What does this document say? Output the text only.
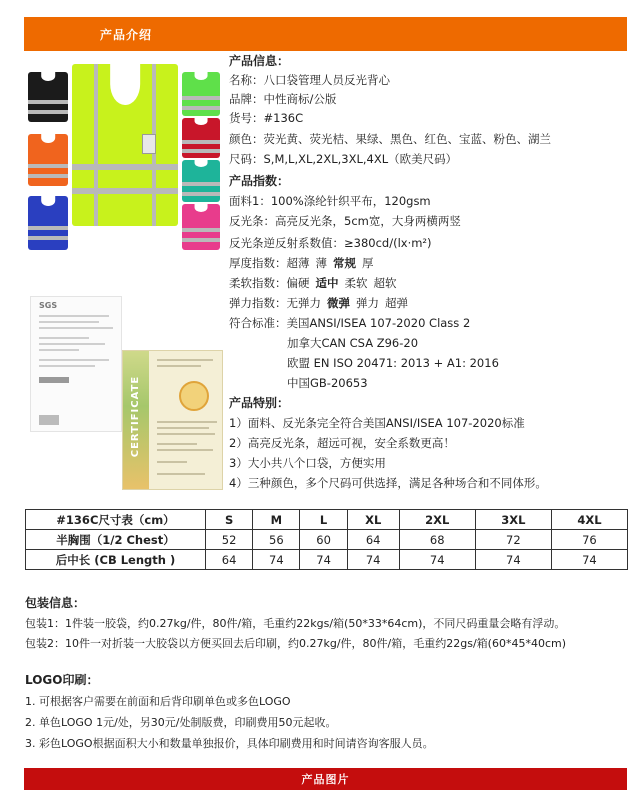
产品介绍
SGS
CERTIFICATE
产品信息：
名称：八口袋管理人员反光背心
品牌：中性商标/公版
货号：#136C
颜色：荧光黄、荧光桔、果绿、黑色、红色、宝蓝、粉色、湖兰
尺码：S,M,L,XL,2XL,3XL,4XL（欧美尺码）
产品指数：
面料1：100%涤纶针织平布，120gsm
反光条：高亮反光条，5cm宽，大身两横两竖
反光条逆反射系数值：≥380cd/(lx·m²)
厚度指数：超薄 薄 常规 厚
柔软指数：偏硬 适中 柔软 超软
弹力指数：无弹力 微弹 弹力 超弹
符合标准：美国ANSI/ISEA 107-2020 Class 2
加拿大CAN CSA Z96-20
欧盟 EN ISO 20471: 2013 + A1: 2016
中国GB-20653
产品特别：
1）面料、反光条完全符合美国ANSI/ISEA 107-2020标准
2）高亮反光条，超远可视，安全系数更高！
3）大小共八个口袋，方便实用
4）三种颜色，多个尺码可供选择，满足各种场合和不同体形。
#136C尺寸表（cm）	S	M	L	XL	2XL	3XL	4XL
半胸围（1/2 Chest）	52	56	60	64	68	72	76
后中长 (CB Length )	64	74	74	74	74	74	74
包装信息：
包装1：1件装一胶袋，约0.27kg/件，80件/箱，毛重约22kgs/箱(50*33*64cm)，不同尺码重量会略有浮动。
包装2：10件一对折装一大胶袋以方便买回去后印刷，约0.27kg/件，80件/箱，毛重约22gs/箱(60*45*40cm)
LOGO印刷：
1. 可根据客户需要在前面和后背印刷单色或多色LOGO
2. 单色LOGO 1元/处，另30元/处制版费，印刷费用50元起收。
3. 彩色LOGO根据面积大小和数量单独报价，具体印刷费用和时间请咨询客服人员。
产品图片
